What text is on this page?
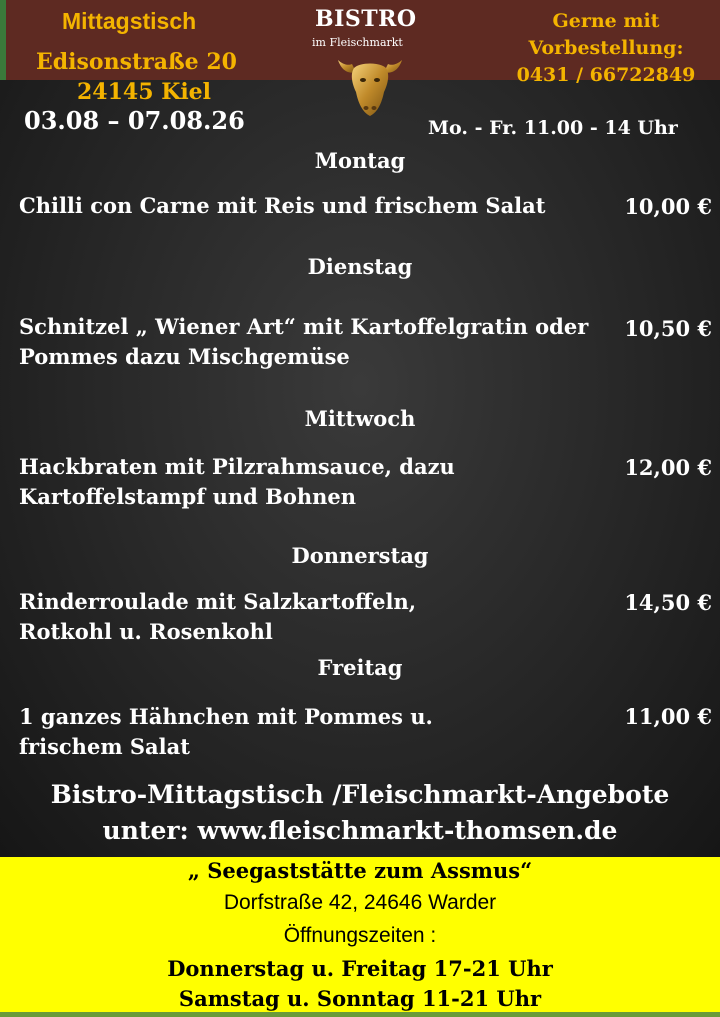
Mittagstisch
Edisonstraße 20
24145 Kiel
03.08 – 07.08.26
BISTRO
im Fleischmarkt
Gerne mit
Vorbestellung:
0431 / 66722849
Mo. - Fr. 11.00 - 14 Uhr
Montag
Chilli con Carne mit Reis und frischem Salat	10,00 €
Dienstag
Schnitzel „ Wiener Art“ mit Kartoffelgratin oder Pommes dazu Mischgemüse
10,50 €
Mittwoch
Hackbraten mit Pilzrahmsauce, dazu Kartoffelstampf und Bohnen
12,00 €
Donnerstag
Rinderroulade mit Salzkartoffeln, Rotkohl u. Rosenkohl
14,50 €
Freitag
1 ganzes Hähnchen mit Pommes u. frischem Salat
11,00 €
Bistro-Mittagstisch /Fleischmarkt-Angebote
unter: www.fleischmarkt-thomsen.de
„ Seegaststätte zum Assmus“
Dorfstraße 42, 24646 Warder
Öffnungszeiten :
Donnerstag u. Freitag 17-21 Uhr
Samstag u. Sonntag 11-21 Uhr
